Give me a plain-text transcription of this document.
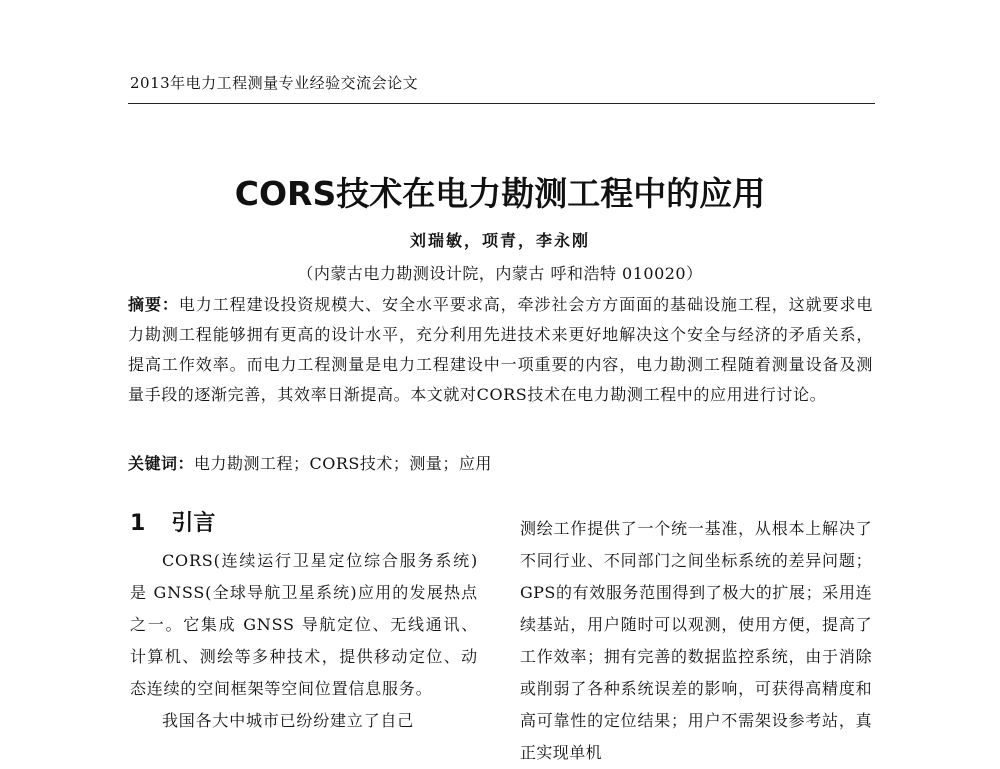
2013年电力工程测量专业经验交流会论文
CORS技术在电力勘测工程中的应用
刘瑞敏，项青，李永刚
（内蒙古电力勘测设计院，内蒙古 呼和浩特 010020）
摘要：电力工程建设投资规模大、安全水平要求高，牵涉社会方方面面的基础设施工程，这就要求电力勘测工程能够拥有更高的设计水平，充分利用先进技术来更好地解决这个安全与经济的矛盾关系，提高工作效率。而电力工程测量是电力工程建设中一项重要的内容，电力勘测工程随着测量设备及测量手段的逐渐完善，其效率日渐提高。本文就对CORS技术在电力勘测工程中的应用进行讨论。
关键词：电力勘测工程；CORS技术；测量；应用
1 引言

CORS(连续运行卫星定位综合服务系统)是 GNSS(全球导航卫星系统)应用的发展热点之一。它集成 GNSS 导航定位、无线通讯、计算机、测绘等多种技术，提供移动定位、动态连续的空间框架等空间位置信息服务。

我国各大中城市已纷纷建立了自己

测绘工作提供了一个统一基准，从根本上解决了不同行业、不同部门之间坐标系统的差异问题；GPS的有效服务范围得到了极大的扩展；采用连续基站，用户随时可以观测，使用方便，提高了工作效率；拥有完善的数据监控系统，由于消除或削弱了各种系统误差的影响，可获得高精度和高可靠性的定位结果；用户不需架设参考站，真正实现单机
